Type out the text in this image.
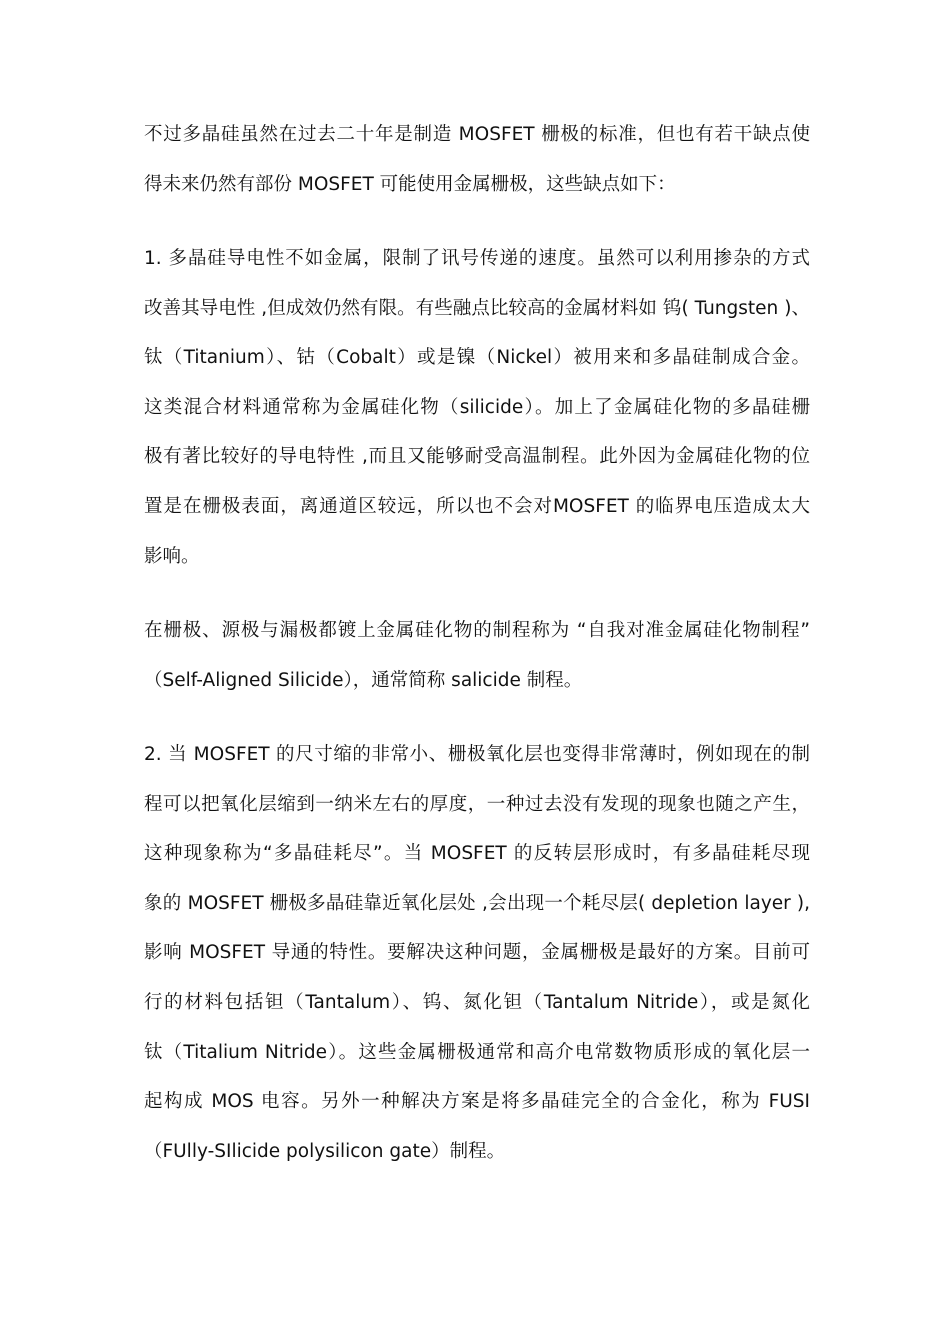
不过多晶硅虽然在过去二十年是制造 MOSFET 栅极的标准，但也有若干缺点使
得未来仍然有部份 MOSFET 可能使用金属栅极，这些缺点如下：
1. 多晶硅导电性不如金属，限制了讯号传递的速度。虽然可以利用掺杂的方式
改善其导电性 ,但成效仍然有限。有些融点比较高的金属材料如 钨( Tungsten )、
钛（Titanium）、钴（Cobalt）或是镍（Nickel）被用来和多晶硅制成合金。
这类混合材料通常称为金属硅化物（silicide）。加上了金属硅化物的多晶硅栅
极有著比较好的导电特性 ,而且又能够耐受高温制程。此外因为金属硅化物的位
置是在栅极表面，离通道区较远，所以也不会对MOSFET 的临界电压造成太大
影响。
在栅极、源极与漏极都镀上金属硅化物的制程称为 “自我对准金属硅化物制程”
（Self-Aligned Silicide），通常简称 salicide 制程。
2. 当 MOSFET 的尺寸缩的非常小、栅极氧化层也变得非常薄时，例如现在的制
程可以把氧化层缩到一纳米左右的厚度，一种过去没有发现的现象也随之产生，
这种现象称为“多晶硅耗尽”。当 MOSFET 的反转层形成时，有多晶硅耗尽现
象的 MOSFET 栅极多晶硅靠近氧化层处 ,会出现一个耗尽层( depletion layer ),
影响 MOSFET 导通的特性。要解决这种问题，金属栅极是最好的方案。目前可
行的材料包括钽（Tantalum）、钨、氮化钽（Tantalum Nitride），或是氮化
钛（Titalium Nitride）。这些金属栅极通常和高介电常数物质形成的氧化层一
起构成 MOS 电容。另外一种解决方案是将多晶硅完全的合金化，称为 FUSI
（FUlly-SIlicide polysilicon gate）制程。
